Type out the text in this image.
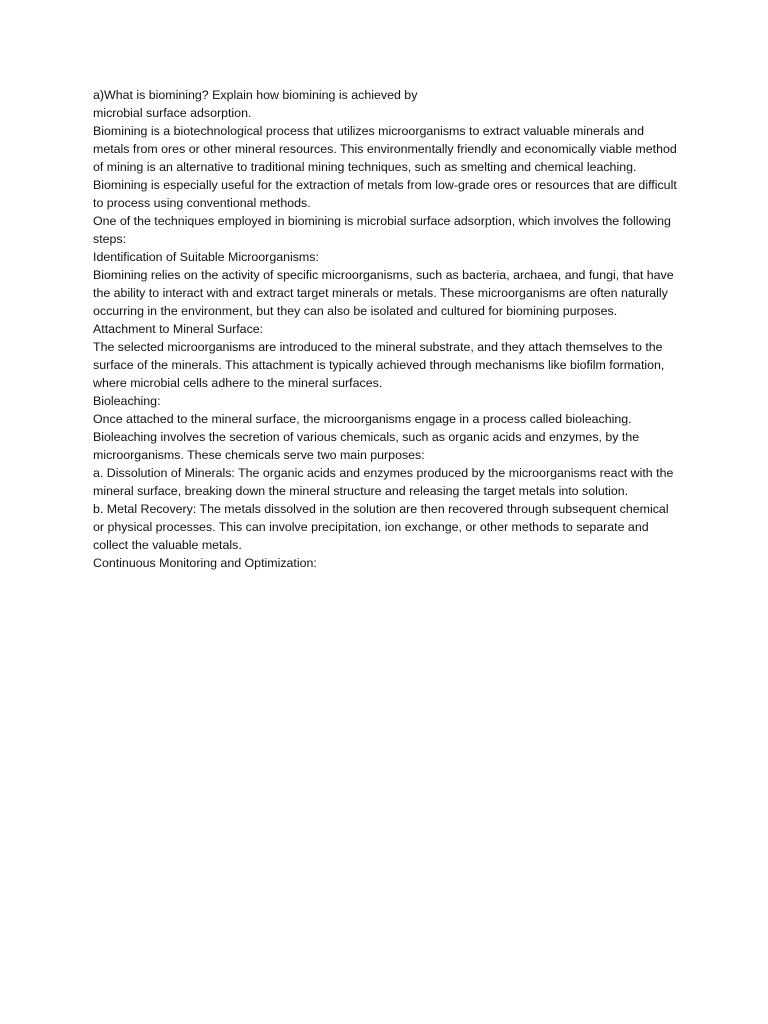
a)What is biomining? Explain how biomining is achieved by

microbial surface adsorption.

Biomining is a biotechnological process that utilizes microorganisms to extract valuable minerals and metals from ores or other mineral resources. This environmentally friendly and economically viable method of mining is an alternative to traditional mining techniques, such as smelting and chemical leaching. Biomining is especially useful for the extraction of metals from low-grade ores or resources that are difficult to process using conventional methods.

One of the techniques employed in biomining is microbial surface adsorption, which involves the following steps:

Identification of Suitable Microorganisms:

Biomining relies on the activity of specific microorganisms, such as bacteria, archaea, and fungi, that have the ability to interact with and extract target minerals or metals. These microorganisms are often naturally occurring in the environment, but they can also be isolated and cultured for biomining purposes.

Attachment to Mineral Surface:

The selected microorganisms are introduced to the mineral substrate, and they attach themselves to the surface of the minerals. This attachment is typically achieved through mechanisms like biofilm formation, where microbial cells adhere to the mineral surfaces.

Bioleaching:

Once attached to the mineral surface, the microorganisms engage in a process called bioleaching. Bioleaching involves the secretion of various chemicals, such as organic acids and enzymes, by the microorganisms. These chemicals serve two main purposes:

a. Dissolution of Minerals: The organic acids and enzymes produced by the microorganisms react with the mineral surface, breaking down the mineral structure and releasing the target metals into solution.

b. Metal Recovery: The metals dissolved in the solution are then recovered through subsequent chemical or physical processes. This can involve precipitation, ion exchange, or other methods to separate and collect the valuable metals.

Continuous Monitoring and Optimization:
